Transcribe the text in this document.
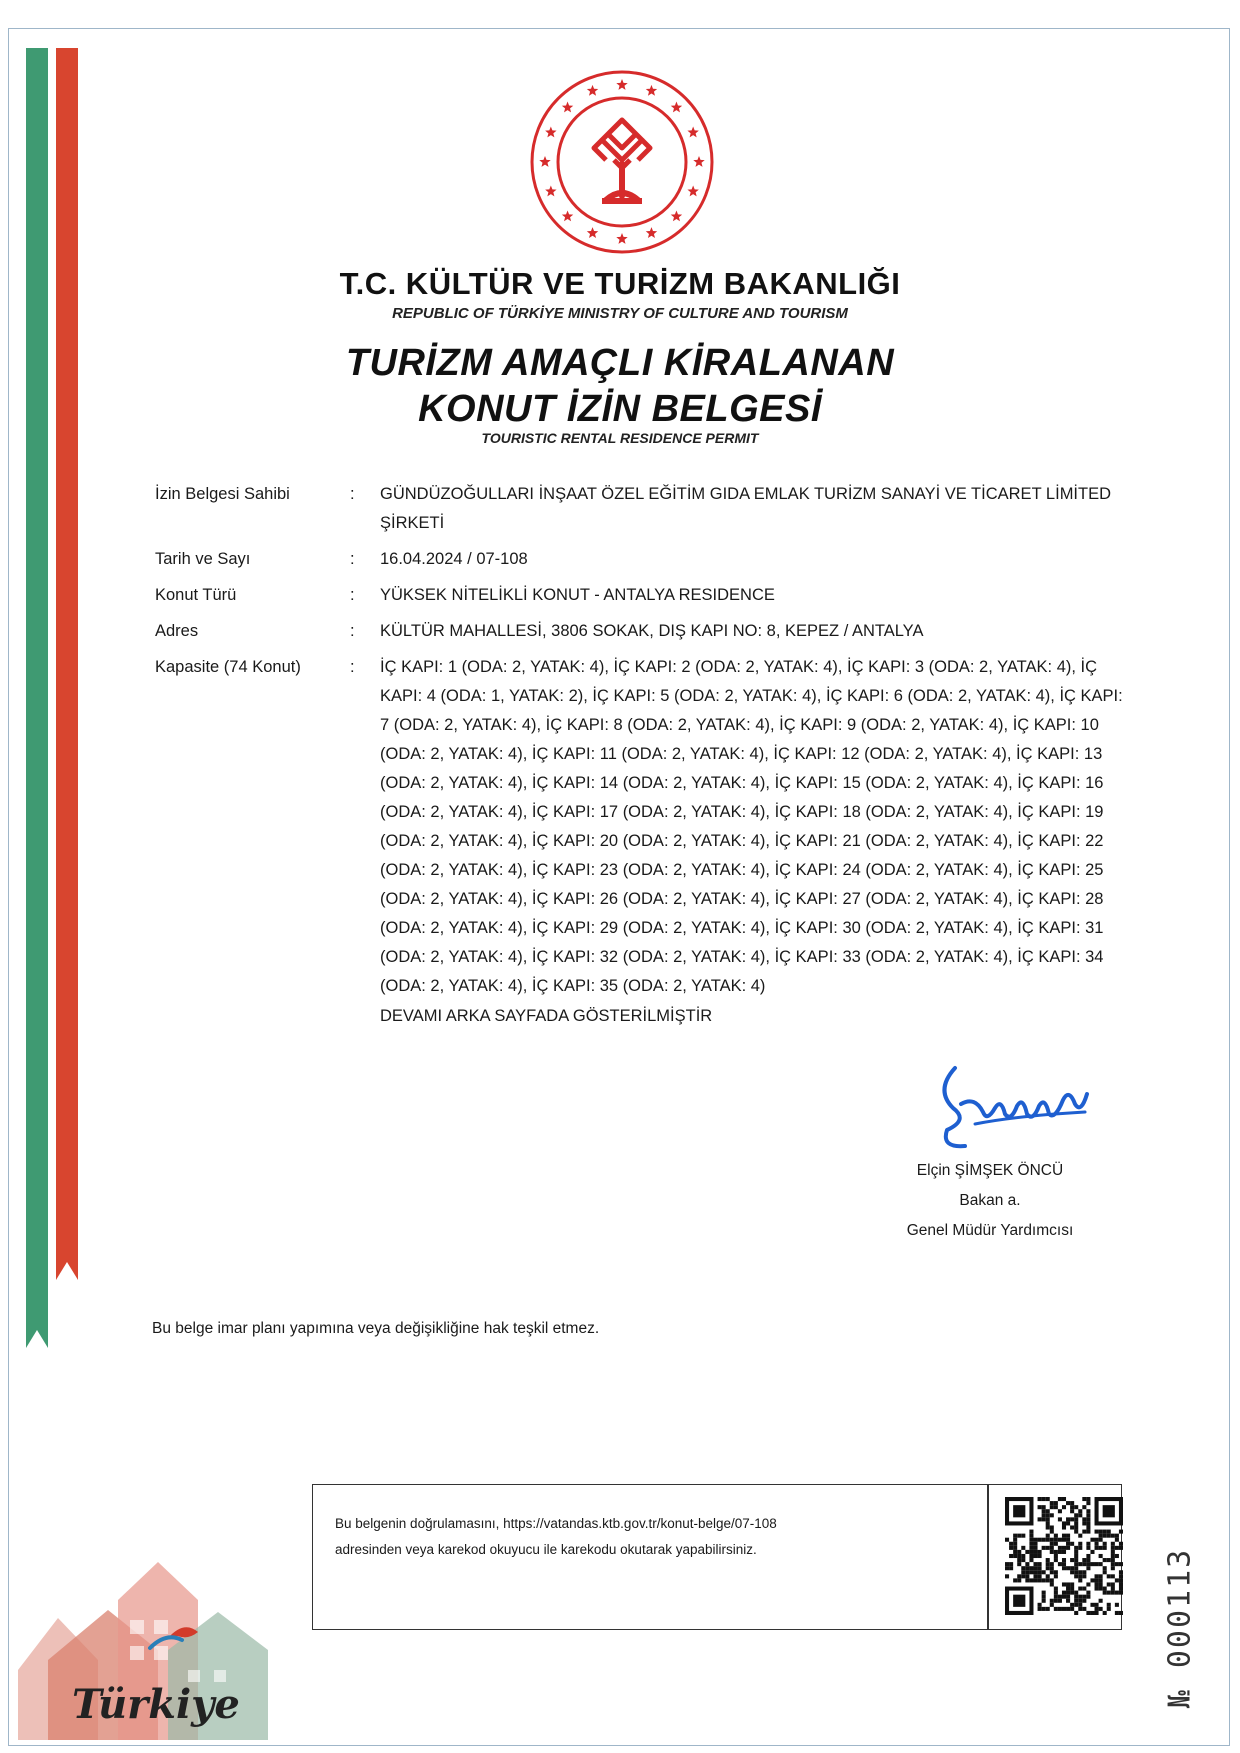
T.C. KÜLTÜR VE TURİZM BAKANLIĞI
REPUBLIC OF TÜRKİYE MINISTRY OF CULTURE AND TOURISM
TURİZM AMAÇLI KİRALANAN
KONUT İZİN BELGESİ
TOURISTIC RENTAL RESIDENCE PERMIT
İzin Belgesi Sahibi	:	GÜNDÜZOĞULLARI İNŞAAT ÖZEL EĞİTİM GIDA EMLAK TURİZM SANAYİ VE TİCARET LİMİTED ŞİRKETİ
Tarih ve Sayı	:	16.04.2024 / 07-108
Konut Türü	:	YÜKSEK NİTELİKLİ KONUT - ANTALYA RESIDENCE
Adres	:	KÜLTÜR MAHALLESİ, 3806 SOKAK, DIŞ KAPI NO: 8, KEPEZ / ANTALYA
Kapasite (74 Konut)	:	İÇ KAPI: 1 (ODA: 2, YATAK: 4), İÇ KAPI: 2 (ODA: 2, YATAK: 4), İÇ KAPI: 3 (ODA: 2, YATAK: 4), İÇ KAPI: 4 (ODA: 1, YATAK: 2), İÇ KAPI: 5 (ODA: 2, YATAK: 4), İÇ KAPI: 6 (ODA: 2, YATAK: 4), İÇ KAPI: 7 (ODA: 2, YATAK: 4), İÇ KAPI: 8 (ODA: 2, YATAK: 4), İÇ KAPI: 9 (ODA: 2, YATAK: 4), İÇ KAPI: 10 (ODA: 2, YATAK: 4), İÇ KAPI: 11 (ODA: 2, YATAK: 4), İÇ KAPI: 12 (ODA: 2, YATAK: 4), İÇ KAPI: 13 (ODA: 2, YATAK: 4), İÇ KAPI: 14 (ODA: 2, YATAK: 4), İÇ KAPI: 15 (ODA: 2, YATAK: 4), İÇ KAPI: 16 (ODA: 2, YATAK: 4), İÇ KAPI: 17 (ODA: 2, YATAK: 4), İÇ KAPI: 18 (ODA: 2, YATAK: 4), İÇ KAPI: 19 (ODA: 2, YATAK: 4), İÇ KAPI: 20 (ODA: 2, YATAK: 4), İÇ KAPI: 21 (ODA: 2, YATAK: 4), İÇ KAPI: 22 (ODA: 2, YATAK: 4), İÇ KAPI: 23 (ODA: 2, YATAK: 4), İÇ KAPI: 24 (ODA: 2, YATAK: 4), İÇ KAPI: 25 (ODA: 2, YATAK: 4), İÇ KAPI: 26 (ODA: 2, YATAK: 4), İÇ KAPI: 27 (ODA: 2, YATAK: 4), İÇ KAPI: 28 (ODA: 2, YATAK: 4), İÇ KAPI: 29 (ODA: 2, YATAK: 4), İÇ KAPI: 30 (ODA: 2, YATAK: 4), İÇ KAPI: 31 (ODA: 2, YATAK: 4), İÇ KAPI: 32 (ODA: 2, YATAK: 4), İÇ KAPI: 33 (ODA: 2, YATAK: 4), İÇ KAPI: 34 (ODA: 2, YATAK: 4), İÇ KAPI: 35 (ODA: 2, YATAK: 4)
DEVAMI ARKA SAYFADA GÖSTERİLMİŞTİR
Elçin ŞİMŞEK ÖNCÜ
Bakan a.
Genel Müdür Yardımcısı
Bu belge imar planı yapımına veya değişikliğine hak teşkil etmez.
Bu belgenin doğrulamasını, https://vatandas.ktb.gov.tr/konut-belge/07-108
adresinden veya karekod okuyucu ile karekodu okutarak yapabilirsiniz.	№ 000113
Türkiye
